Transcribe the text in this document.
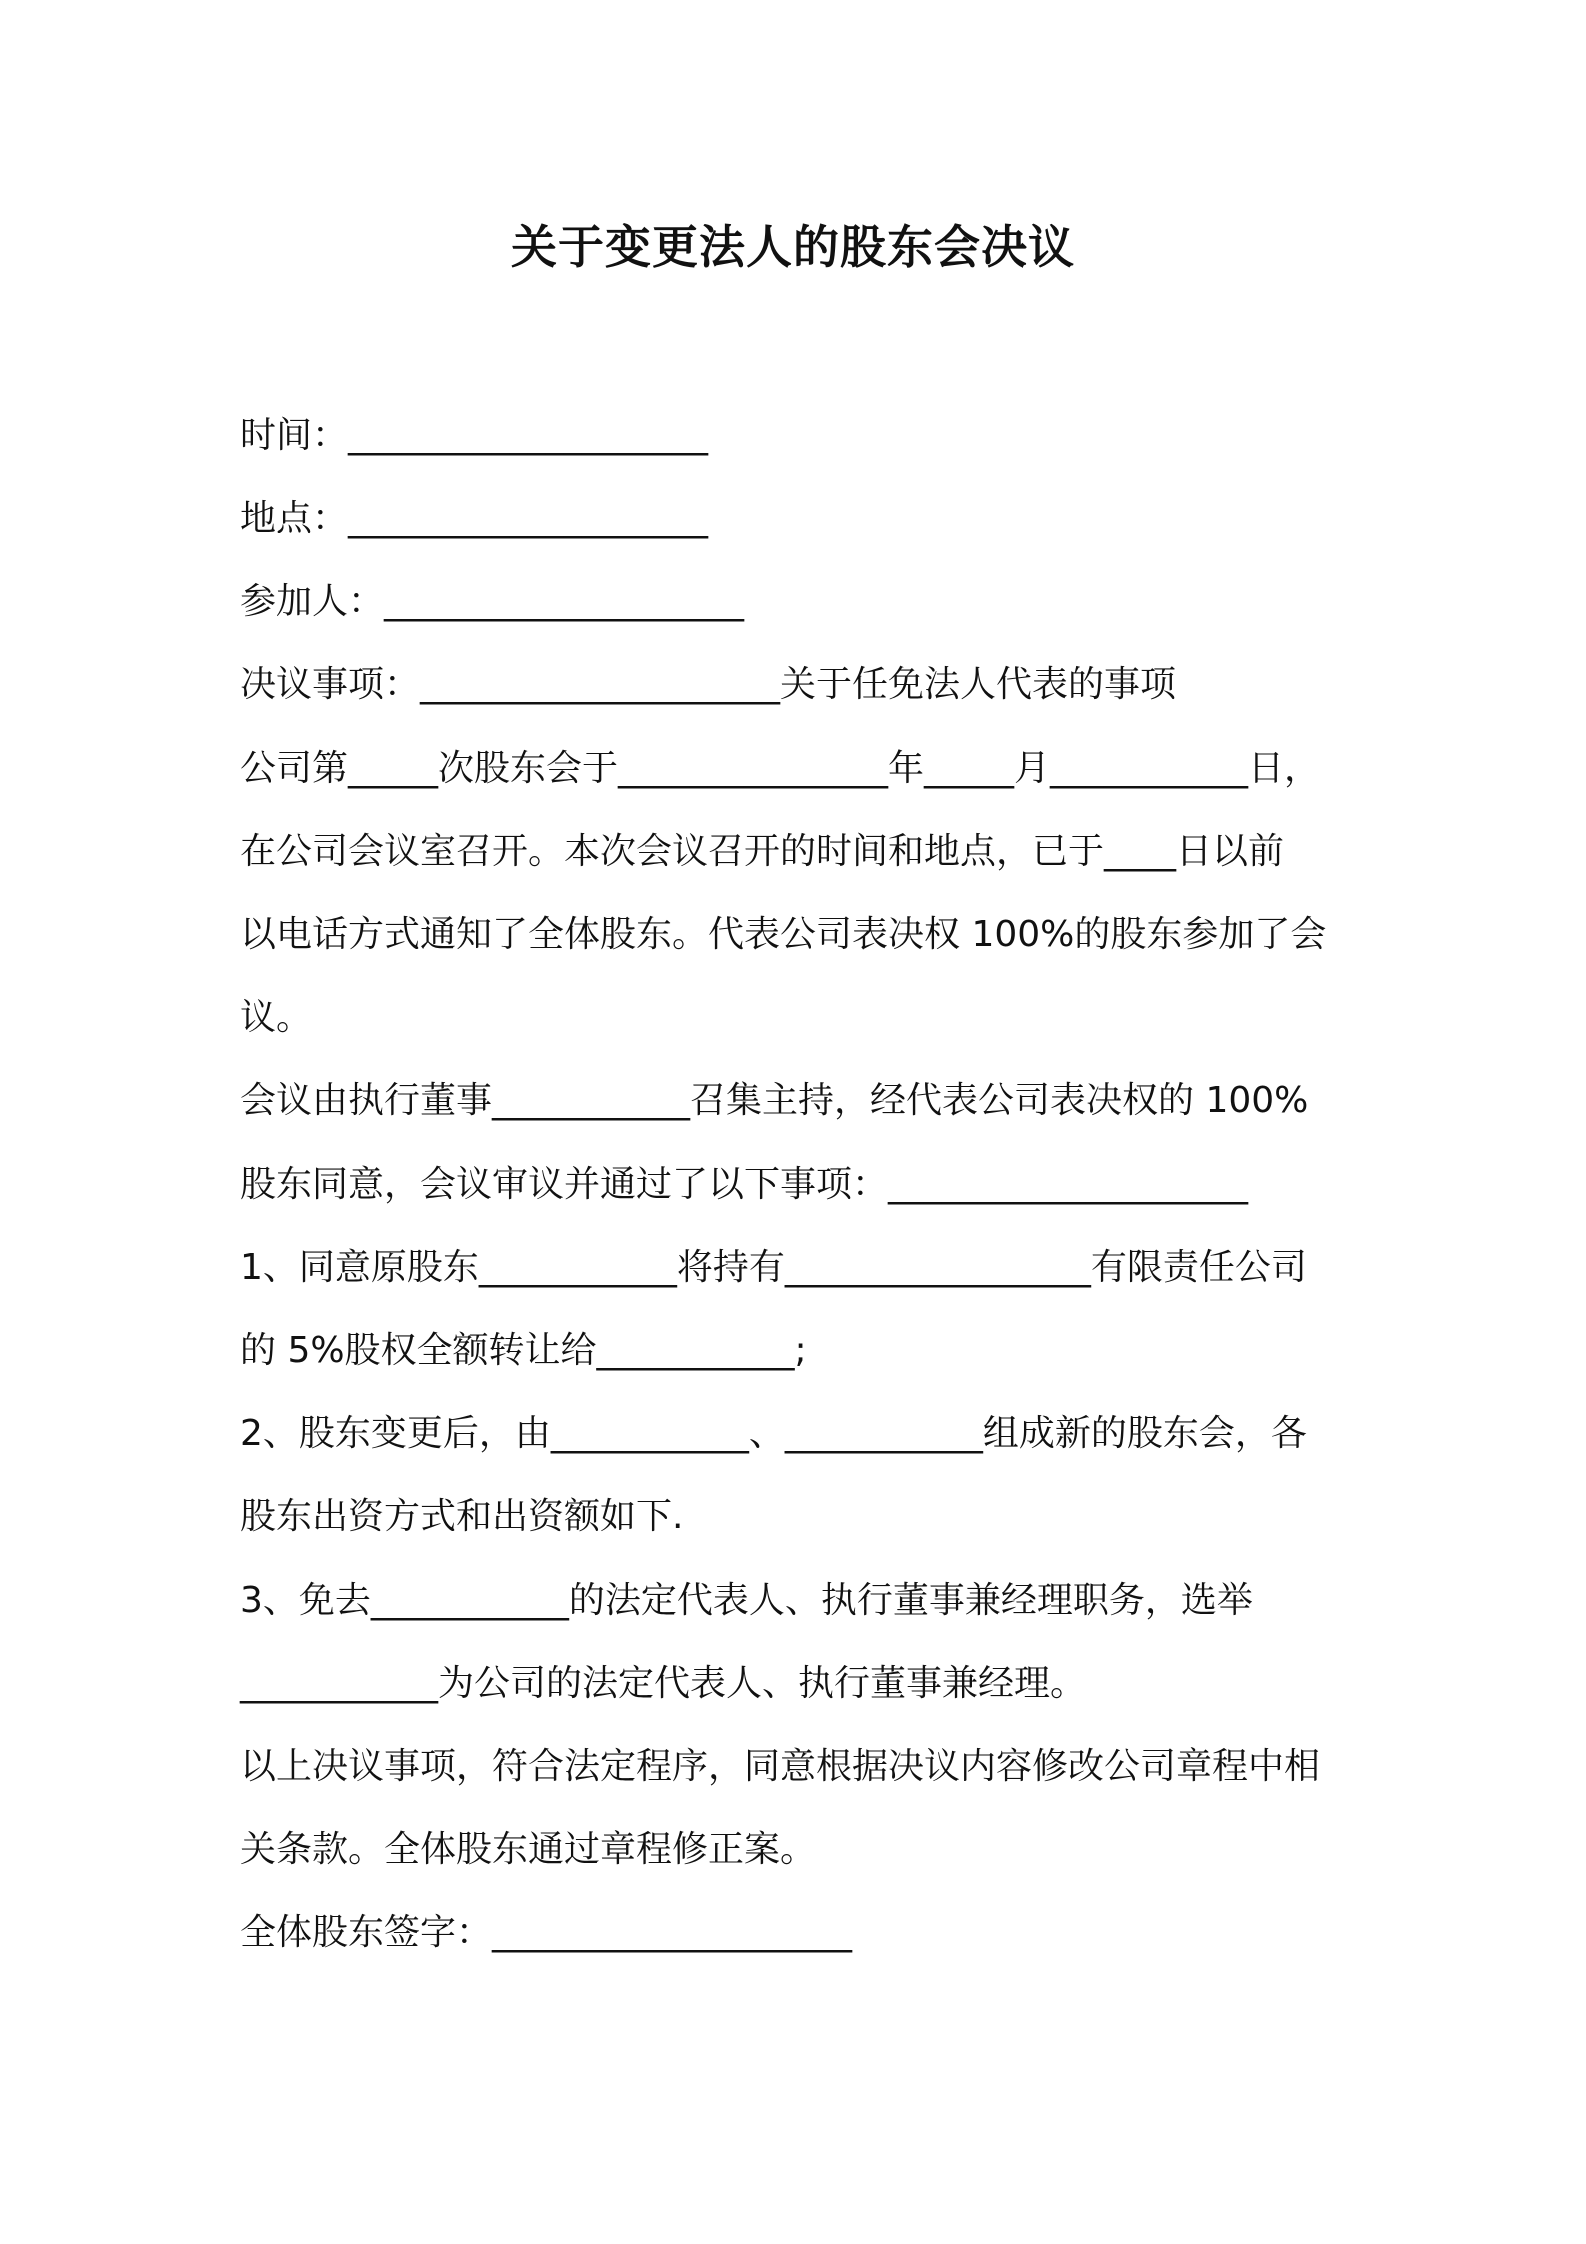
关于变更法人的股东会决议
时间：____________________
地点：____________________
参加人：____________________
决议事项：____________________关于任免法人代表的事项
公司第_____次股东会于_______________年_____月___________日，
在公司会议室召开。本次会议召开的时间和地点，已于____日以前
以电话方式通知了全体股东。代表公司表决权 100%的股东参加了会
议。
会议由执行董事___________召集主持，经代表公司表决权的 100%
股东同意，会议审议并通过了以下事项：____________________
1、同意原股东___________将持有_________________有限责任公司
的 5%股权全额转让给___________;
2、股东变更后，由___________、___________组成新的股东会，各
股东出资方式和出资额如下.
3、免去___________的法定代表人、执行董事兼经理职务，选举
___________为公司的法定代表人、执行董事兼经理。
以上决议事项，符合法定程序，同意根据决议内容修改公司章程中相
关条款。全体股东通过章程修正案。
全体股东签字：____________________
